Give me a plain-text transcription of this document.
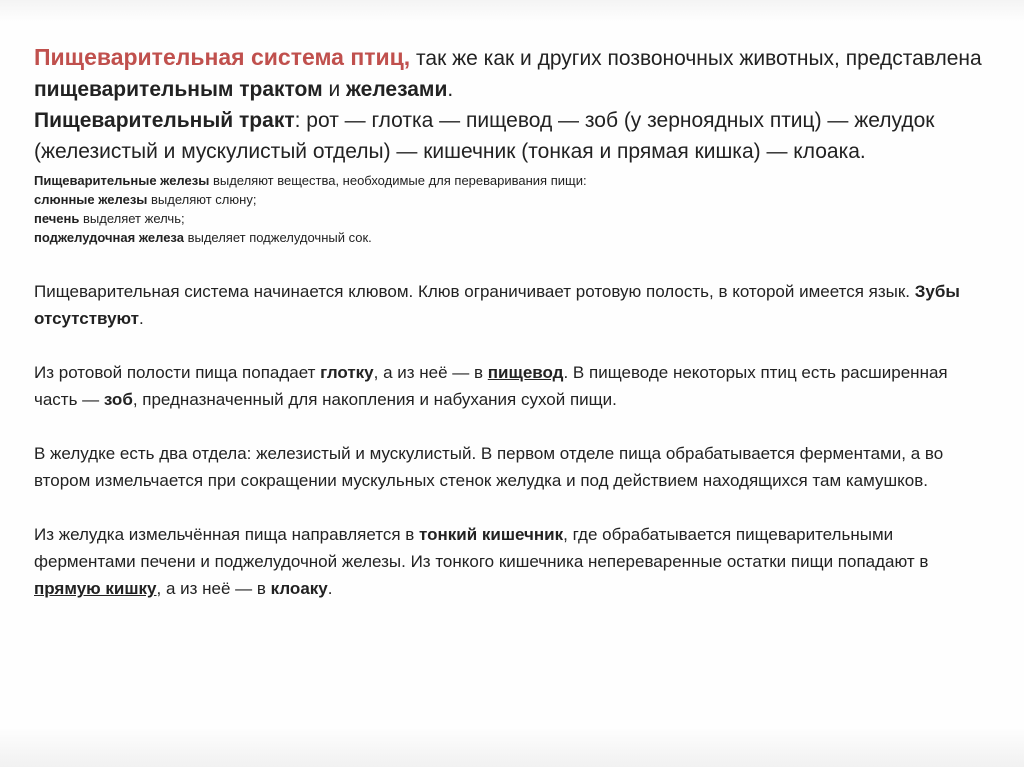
Пищеварительная система птиц, так же как и других позвоночных животных, представлена пищеварительным трактом и железами.

Пищеварительный тракт: рот — глотка — пищевод — зоб (у зерноядных птиц) — желудок (железистый и мускулистый отделы) — кишечник (тонкая и прямая кишка) — клоака.

Пищеварительные железы выделяют вещества, необходимые для переваривания пищи:

слюнные железы выделяют слюну;

печень выделяет желчь;

поджелудочная железа выделяет поджелудочный сок.

Пищеварительная система начинается клювом. Клюв ограничивает ротовую полость, в которой имеется язык. Зубы отсутствуют.

Из ротовой полости пища попадает глотку, а из неё — в пищевод. В пищеводе некоторых птиц есть расширенная часть — зоб, предназначенный для накопления и набухания сухой пищи.

В желудке есть два отдела: железистый и мускулистый. В первом отделе пища обрабатывается ферментами, а во втором измельчается при сокращении мускульных стенок желудка и под действием находящихся там камушков.

Из желудка измельчённая пища направляется в тонкий кишечник, где обрабатывается пищеварительными ферментами печени и поджелудочной железы. Из тонкого кишечника непереваренные остатки пищи попадают в прямую кишку, а из неё — в клоаку.
